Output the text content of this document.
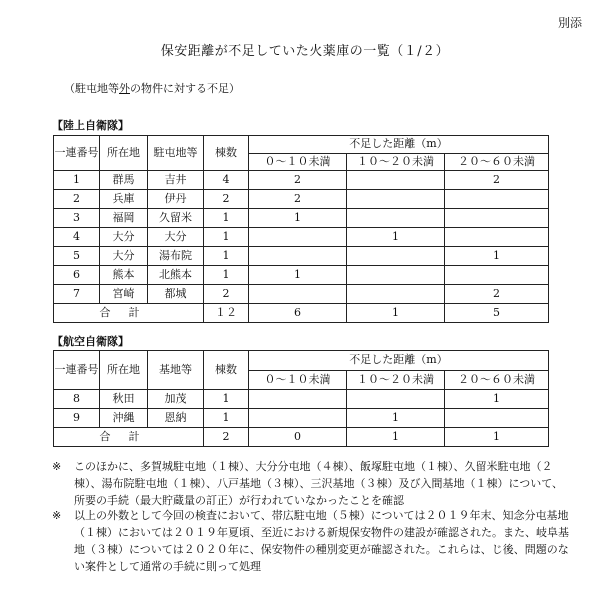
別添
保安距離が不足していた火薬庫の一覧（１/２）
（駐屯地等外の物件に対する不足）
【陸上自衛隊】
一連番号	所在地	駐屯地等	棟数	不足した距離（m）		
				０～１０未満	１０～２０未満	２０～６０未満
1	群馬	吉井	4	2		2
2	兵庫	伊丹	2	2		
3	福岡	久留米	1	1		
4	大分	大分	1		1	
5	大分	湯布院	1			1
6	熊本	北熊本	1	1		
7	宮崎	都城	2			2
合計			１２	6	1	5
【航空自衛隊】
一連番号	所在地	基地等	棟数	不足した距離（m）		
				０～１０未満	１０～２０未満	２０～６０未満
8	秋田	加茂	1			1
9	沖縄	恩納	1		1	
合計			2	0	1	1
※	このほかに、多賀城駐屯地（１棟）、大分分屯地（４棟）、飯塚駐屯地（１棟）、久留米駐屯地（２棟）、湯布院駐屯地（１棟）、八戸基地（３棟）、三沢基地（３棟）及び入間基地（１棟）について、所要の手続（最大貯蔵量の訂正）が行われていなかったことを確認
※	以上の外数として今回の検査において、帯広駐屯地（５棟）については２０１９年末、知念分屯基地（１棟）においては２０１９年夏頃、至近における新規保安物件の建設が確認された。また、岐阜基地（３棟）については２０２０年に、保安物件の種別変更が確認された。これらは、じ後、問題のない案件として通常の手続に則って処理
